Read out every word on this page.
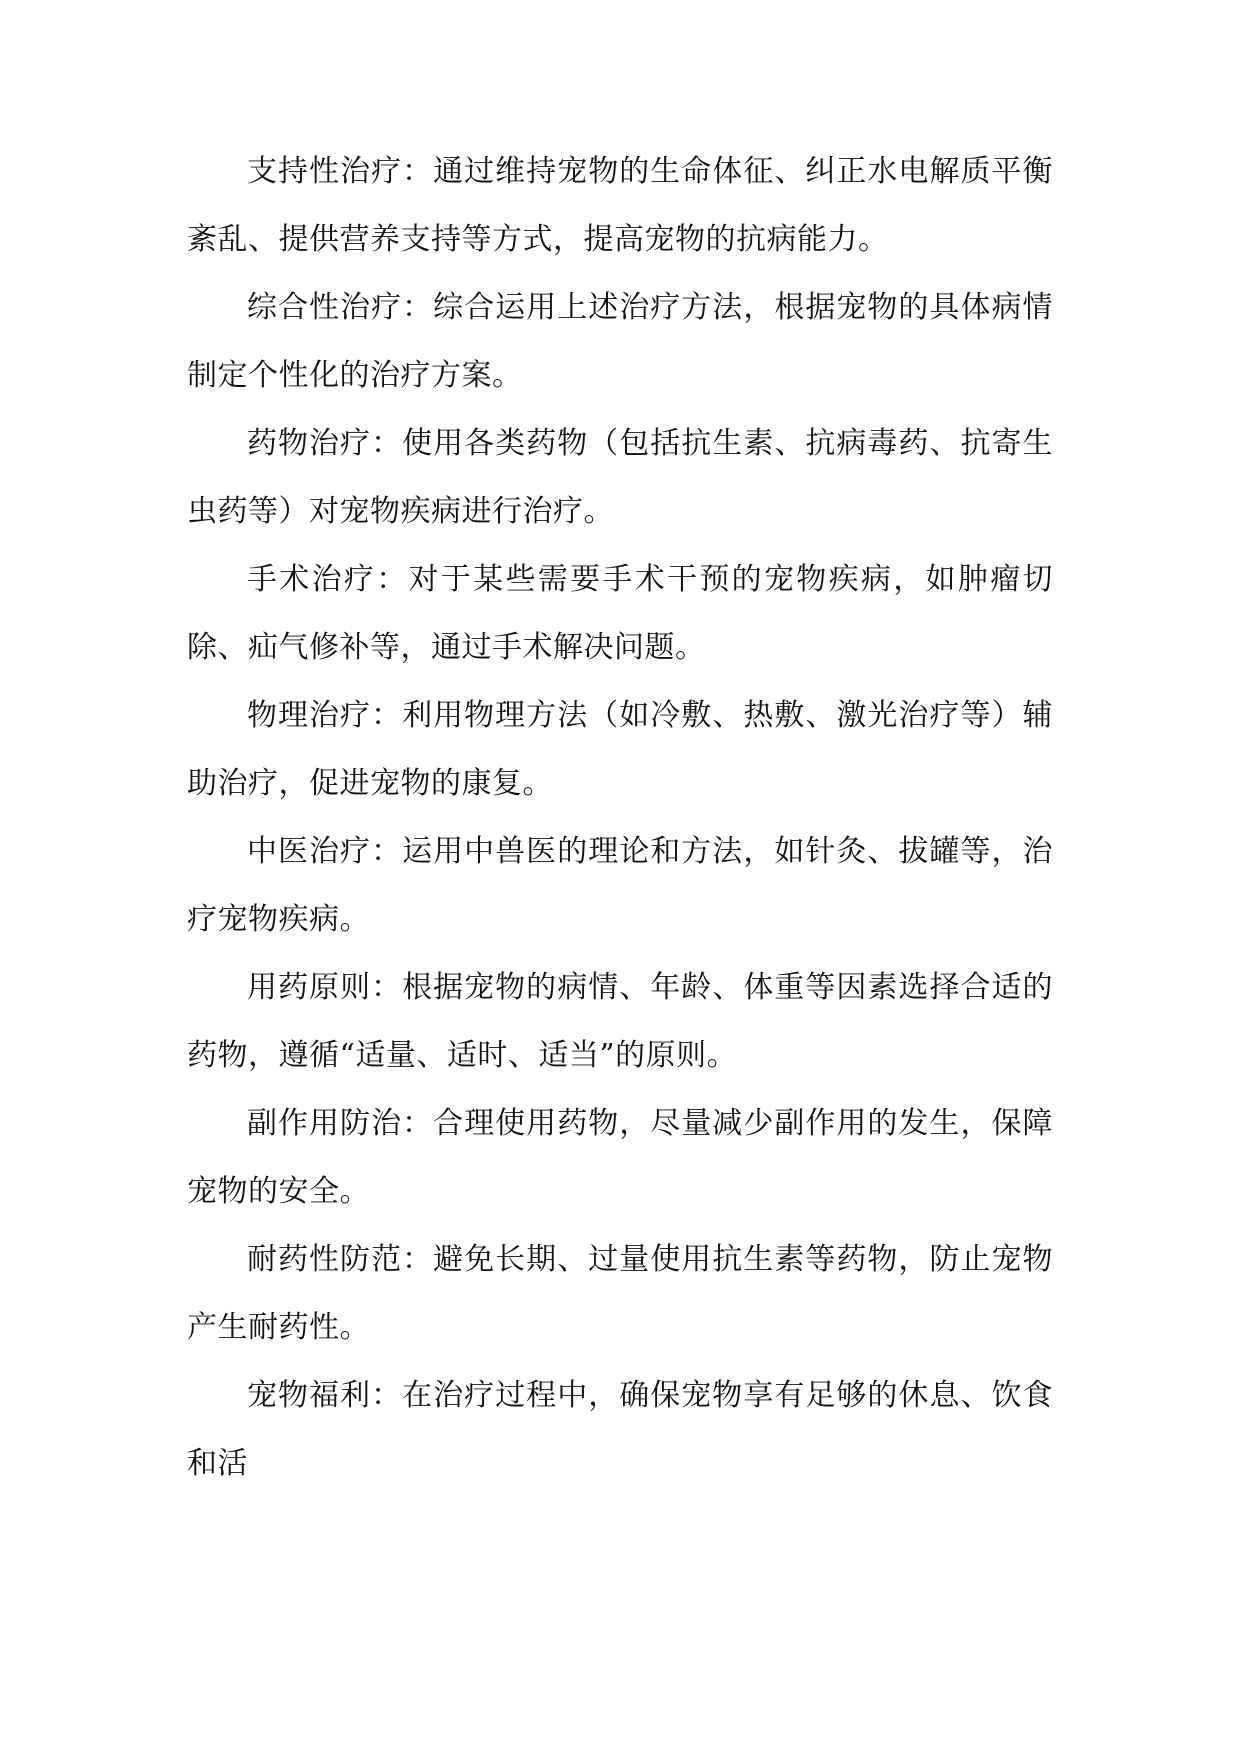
支持性治疗：通过维持宠物的生命体征、纠正水电解质平衡紊乱、提供营养支持等方式，提高宠物的抗病能力。

综合性治疗：综合运用上述治疗方法，根据宠物的具体病情制定个性化的治疗方案。

药物治疗：使用各类药物（包括抗生素、抗病毒药、抗寄生虫药等）对宠物疾病进行治疗。

手术治疗：对于某些需要手术干预的宠物疾病，如肿瘤切除、疝气修补等，通过手术解决问题。

物理治疗：利用物理方法（如冷敷、热敷、激光治疗等）辅助治疗，促进宠物的康复。

中医治疗：运用中兽医的理论和方法，如针灸、拔罐等，治疗宠物疾病。

用药原则：根据宠物的病情、年龄、体重等因素选择合适的药物，遵循“适量、适时、适当”的原则。

副作用防治：合理使用药物，尽量减少副作用的发生，保障宠物的安全。

耐药性防范：避免长期、过量使用抗生素等药物，防止宠物产生耐药性。

宠物福利：在治疗过程中，确保宠物享有足够的休息、饮食和活
